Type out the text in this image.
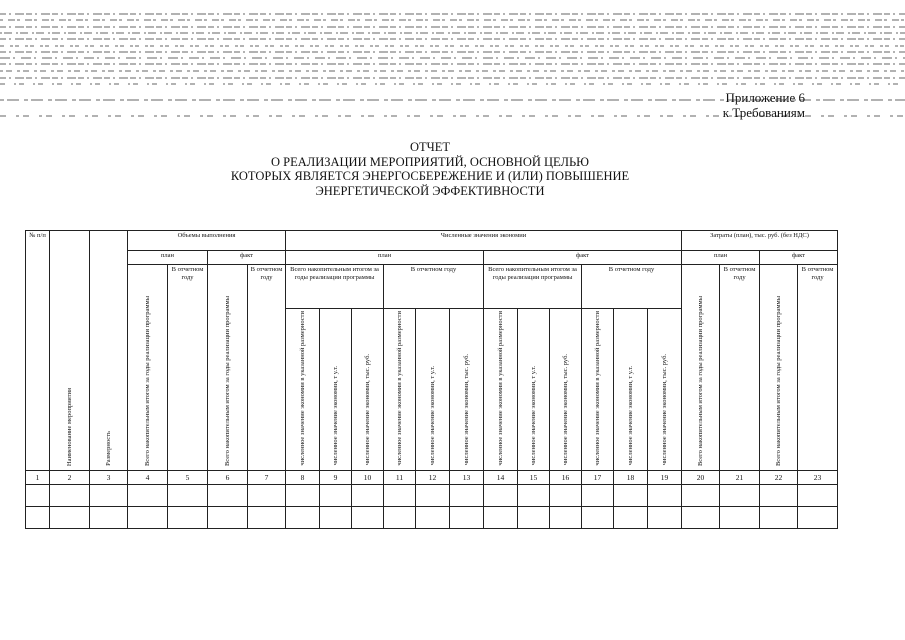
Приложение 6
к Требованиям
ОТЧЕТ
О РЕАЛИЗАЦИИ МЕРОПРИЯТИЙ, ОСНОВНОЙ ЦЕЛЬЮ
КОТОРЫХ ЯВЛЯЕТСЯ ЭНЕРГОСБЕРЕЖЕНИЕ И (ИЛИ) ПОВЫШЕНИЕ
ЭНЕРГЕТИЧЕСКОЙ ЭФФЕКТИВНОСТИ
№ п/п	Наименование мероприятия	Размерность	Объемы выполнения				Численные значения экономии												Затраты (план), тыс. руб. (без НДС)			
			план		факт		план						факт						план		факт	

			Всего накопительным итогом за годы реализации программы	В отчетном году	Всего накопительным итогом за годы реализации программы	В отчетном году	Всего накопительным итогом за годы реализации программы			В отчетном году			Всего накопительным итогом за годы реализации программы			В отчетном году			Всего накопительным итогом за годы реализации программы	В отчетном году	Всего накопительным итогом за годы реализации программы	В отчетном году

							численное значение экономии в указанной размерности	численное значение экономии, т у.т.	численное значение экономии, тыс. руб.	численное значение экономии в указанной размерности	численное значение экономии, т у.т.	численное значение экономии, тыс. руб.	численное значение экономии в указанной размерности	численное значение экономии, т у.т.	численное значение экономии, тыс. руб.	численное значение экономии в указанной размерности	численное значение экономии, т у.т.	численное значение экономии, тыс. руб.				

1	2	3	4	5	6	7	8	9	10	11	12	13	14	15	16	17	18	19	20	21	22	23
